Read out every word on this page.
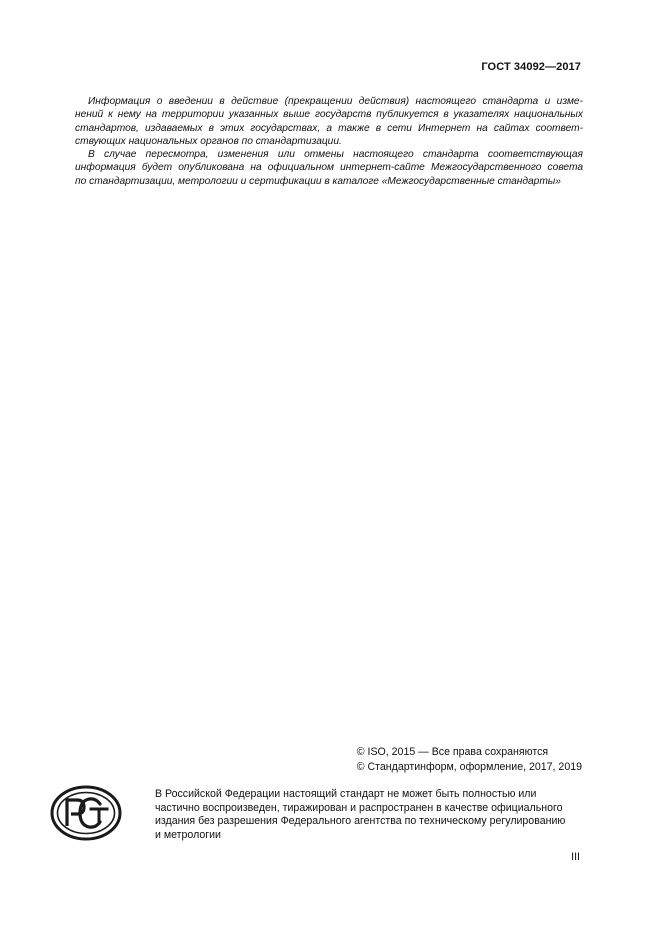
ГОСТ 34092—2017
Информация о введении в действие (прекращении действия) настоящего стандарта и изме-
нений к нему на территории указанных выше государств публикуется в указателях национальных
стандартов, издаваемых в этих государствах, а также в сети Интернет на сайтах соответ-
ствующих национальных органов по стандартизации.
В случае пересмотра, изменения или отмены настоящего стандарта соответствующая
информация будет опубликована на официальном интернет-сайте Межгосударственного совета
по стандартизации, метрологии и сертификации в каталоге «Межгосударственные стандарты»
© ISO, 2015 — Все права сохраняются
© Стандартинформ, оформление, 2017, 2019
В Российской Федерации настоящий стандарт не может быть полностью или
частично воспроизведен, тиражирован и распространен в качестве официального
издания без разрешения Федерального агентства по техническому регулированию
и метрологии
III
